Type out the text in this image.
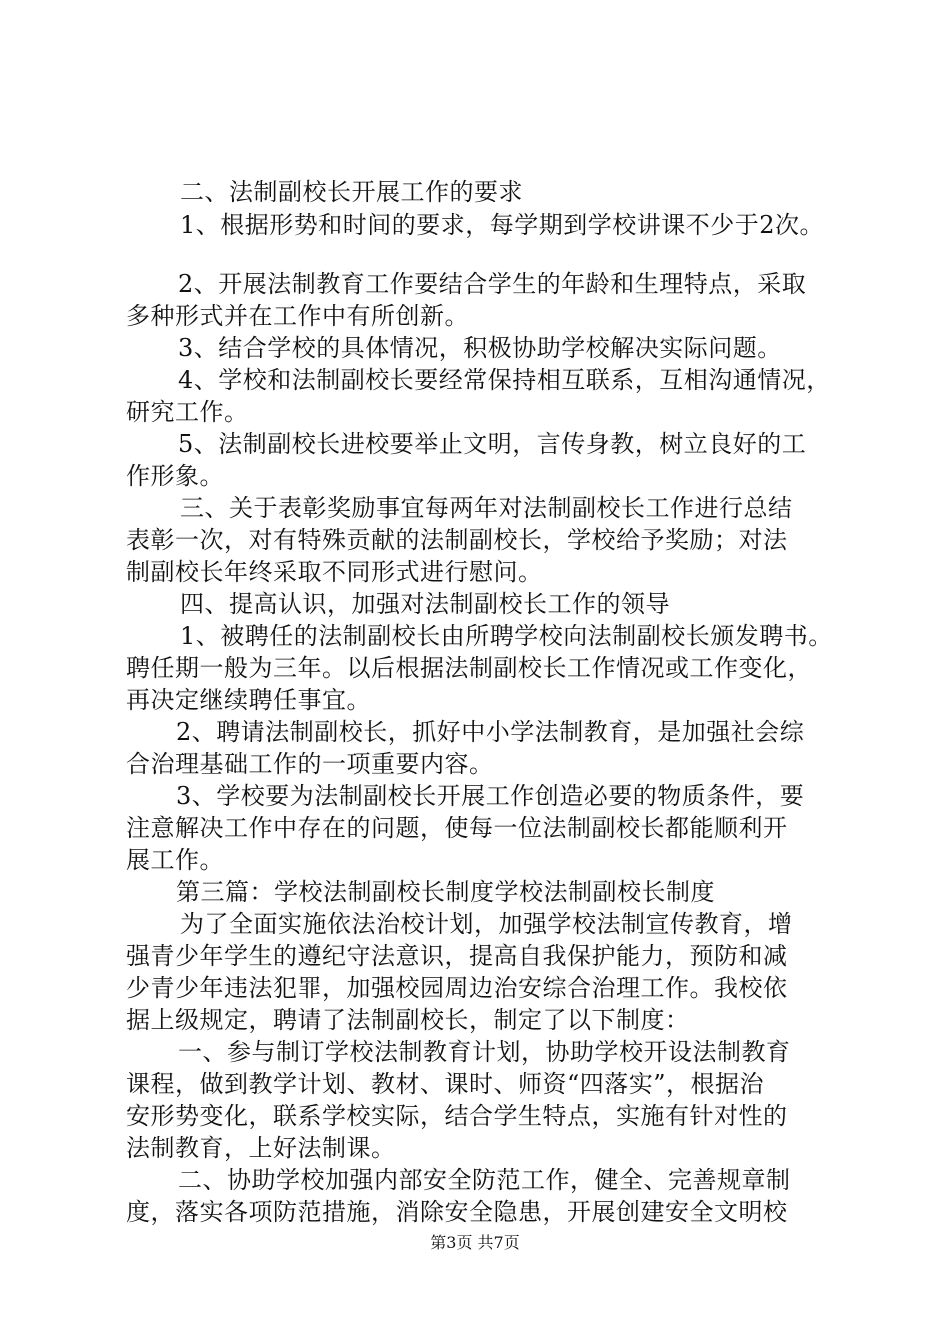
二、法制副校长开展工作的要求
1、根据形势和时间的要求，每学期到学校讲课不少于2次。
2、开展法制教育工作要结合学生的年龄和生理特点，采取
多种形式并在工作中有所创新。
3、结合学校的具体情况，积极协助学校解决实际问题。
4、学校和法制副校长要经常保持相互联系，互相沟通情况，
研究工作。
5、法制副校长进校要举止文明，言传身教，树立良好的工
作形象。
三、关于表彰奖励事宜每两年对法制副校长工作进行总结
表彰一次，对有特殊贡献的法制副校长，学校给予奖励；对法
制副校长年终采取不同形式进行慰问。
四、提高认识，加强对法制副校长工作的领导
1、被聘任的法制副校长由所聘学校向法制副校长颁发聘书。
聘任期一般为三年。以后根据法制副校长工作情况或工作变化，
再决定继续聘任事宜。
2、聘请法制副校长，抓好中小学法制教育，是加强社会综
合治理基础工作的一项重要内容。
3、学校要为法制副校长开展工作创造必要的物质条件，要
注意解决工作中存在的问题，使每一位法制副校长都能顺利开
展工作。
第三篇：学校法制副校长制度学校法制副校长制度
为了全面实施依法治校计划，加强学校法制宣传教育，增
强青少年学生的遵纪守法意识，提高自我保护能力，预防和减
少青少年违法犯罪，加强校园周边治安综合治理工作。我校依
据上级规定，聘请了法制副校长，制定了以下制度：
一、参与制订学校法制教育计划，协助学校开设法制教育
课程，做到教学计划、教材、课时、师资“四落实”，根据治
安形势变化，联系学校实际，结合学生特点，实施有针对性的
法制教育，上好法制课。
二、协助学校加强内部安全防范工作，健全、完善规章制
度，落实各项防范措施，消除安全隐患，开展创建安全文明校
第3页 共7页
